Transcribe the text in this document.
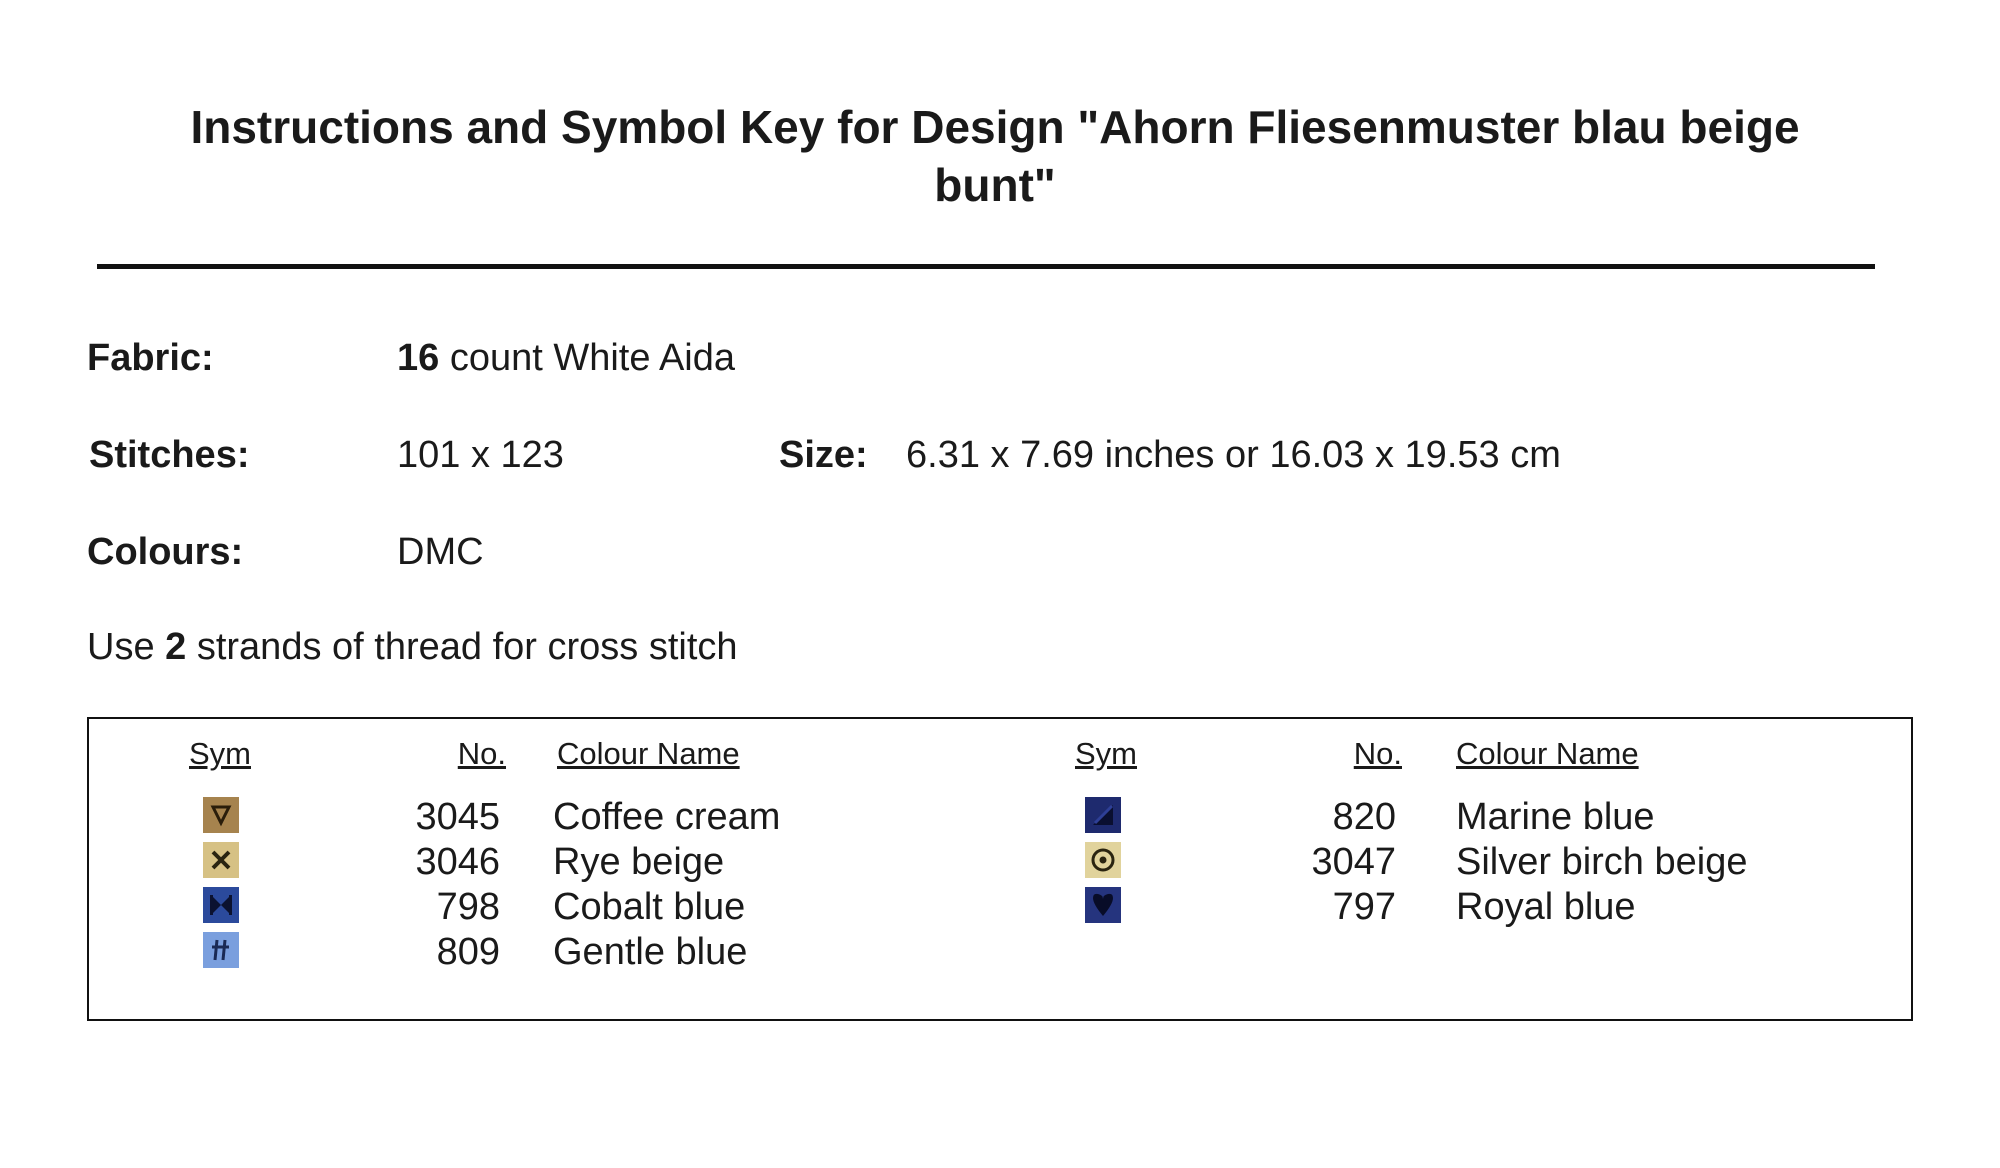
Instructions and Symbol Key for Design "Ahorn Fliesenmuster blau beige
bunt"
Fabric:	16 count White Aida
Stitches:	101 x 123	Size: 6.31 x 7.69 inches or 16.03 x 19.53 cm
Colours:	DMC
Use 2 strands of thread for cross stitch
Sym	No. Colour Name	Sym	No. Colour Name
3045 Coffee cream
3046 Rye beige
798 Cobalt blue
809 Gentle blue
820 Marine blue
3047 Silver birch beige
797 Royal blue
